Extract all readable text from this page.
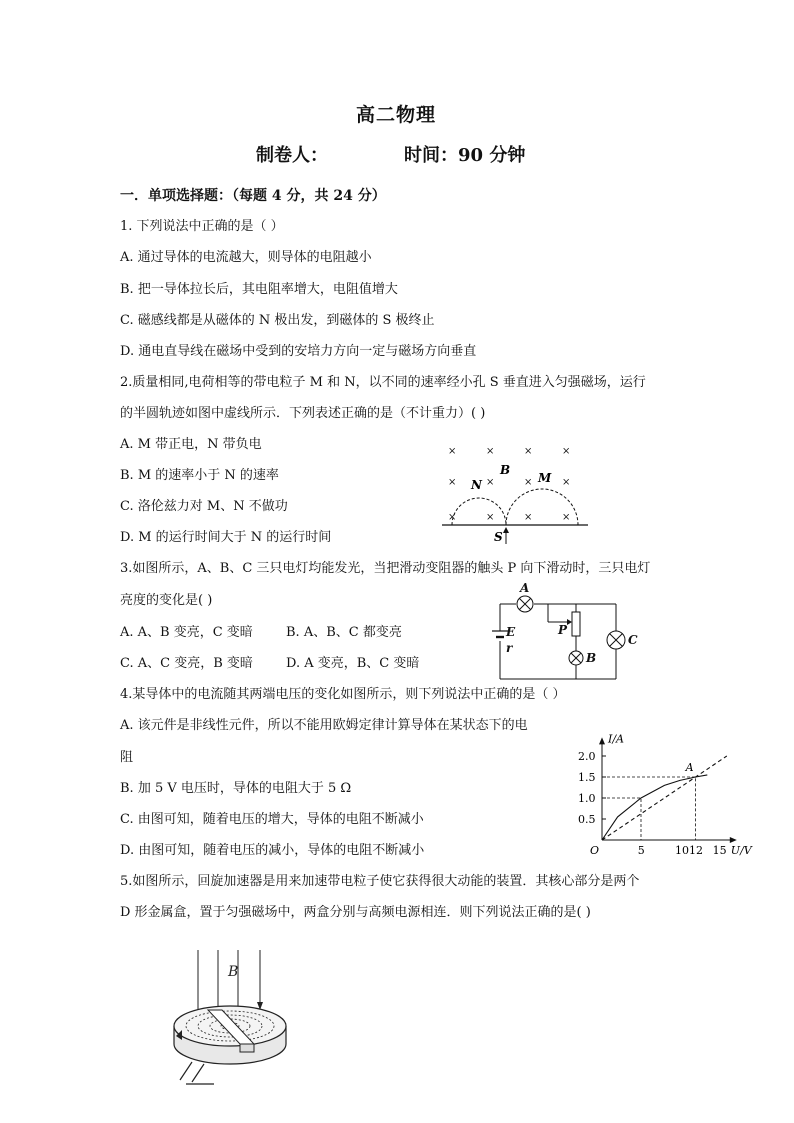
高二物理
制卷人：	时间：90 分钟
一．单项选择题：（每题 4 分，共 24 分）
1. 下列说法中正确的是（ ）
A. 通过导体的电流越大，则导体的电阻越小
B. 把一导体拉长后，其电阻率增大，电阻值增大
C. 磁感线都是从磁体的 N 极出发，到磁体的 S 极终止
D. 通电直导线在磁场中受到的安培力方向一定与磁场方向垂直
2.质量相同,电荷相等的带电粒子 M 和 N，以不同的速率经小孔 S 垂直进入匀强磁场，运行
的半圆轨迹如图中虚线所示．下列表述正确的是（不计重力）( )
A. M 带正电，N 带负电
B. M 的速率小于 N 的速率
C. 洛伦兹力对 M、N 不做功
D. M 的运行时间大于 N 的运行时间
×	×	×	×
×	×	×	×
×	×	×	×
B
N	M
S
3.如图所示，A、B、C 三只电灯均能发光，当把滑动变阻器的触头 P 向下滑动时，三只电灯
亮度的变化是( )
A. A、B 变亮，C 变暗	B. A、B、C 都变亮
C. A、C 变亮，B 变暗	D. A 变亮，B、C 变暗
A
B
C
P
E
r
4.某导体中的电流随其两端电压的变化如图所示，则下列说法中正确的是（ ）
A. 该元件是非线性元件，所以不能用欧姆定律计算导体在某状态下的电
阻
B. 加 5 V 电压时，导体的电阻大于 5 Ω
C. 由图可知，随着电压的增大，导体的电阻不断减小
D. 由图可知，随着电压的减小，导体的电阻不断减小
I/A
U/V
O
2.0
1.5
1.0
0.5
5	1012 15
A
5.如图所示，回旋加速器是用来加速带电粒子使它获得很大动能的装置．其核心部分是两个
D 形金属盒，置于匀强磁场中，两盒分别与高频电源相连．则下列说法正确的是( )
B
